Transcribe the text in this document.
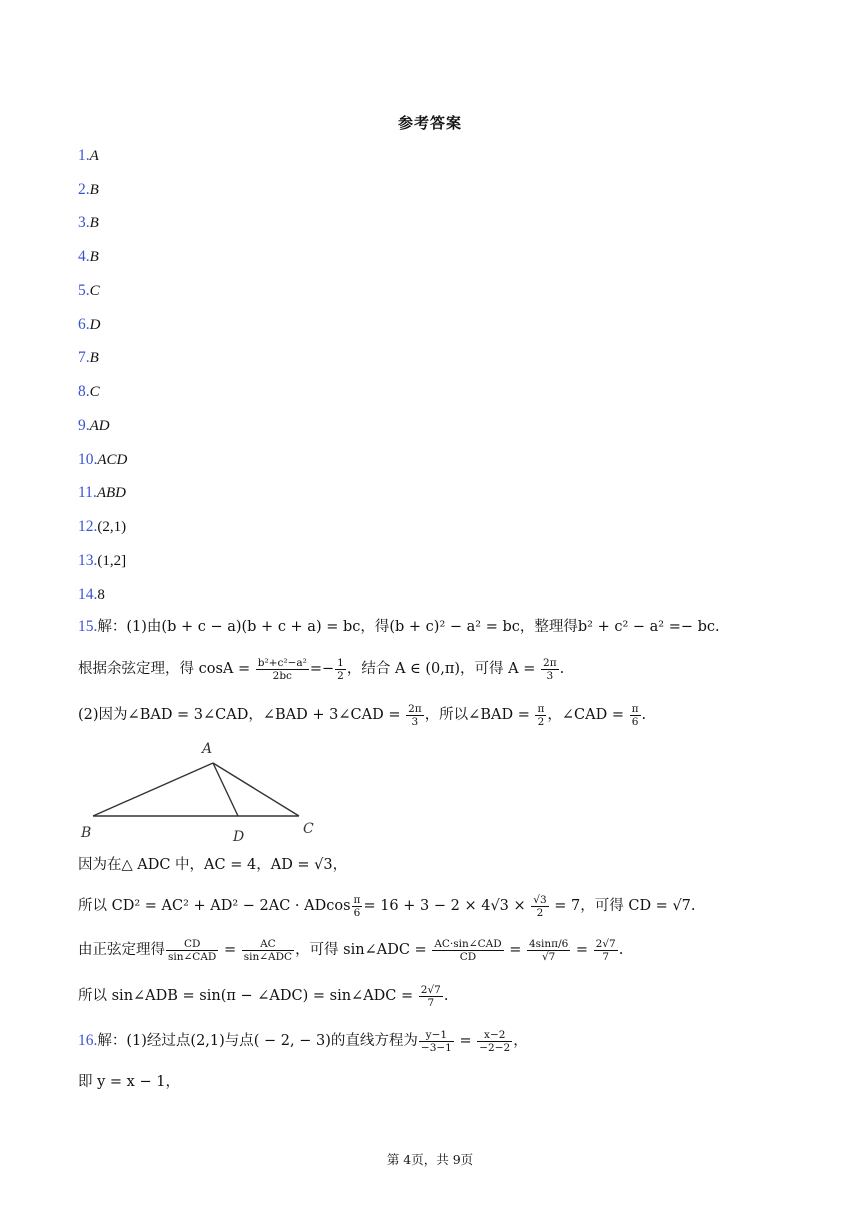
参考答案
1.A
2.B
3.B
4.B
5.C
6.D
7.B
8.C
9.AD
10.ACD
11.ABD
12.(2,1)
13.(1,2]
14.8
15.解：(1)由(b + c − a)(b + c + a) = bc，得(b + c)² − a² = bc，整理得b² + c² − a² =− bc.
根据余弦定理，得 $\cos A = \frac{\text{b²+c²−a²}}{2bc} =- \frac{1}{2}$ ，结合 A ∈ (0,π)，可得 $A = \frac{2\pi}{3}$ .
(2)因为∠BAD = 3∠CAD，∠BAD + 3∠CAD = $\frac{2\pi}{3}$ ，所以∠BAD = $\frac{\pi}{2}$ ，∠CAD = $\frac{\pi}{6}$ .
A
B	D	C
因为在△ ADC 中，AC = 4，AD = √3，
所以 CD² = AC² + AD² − 2AC · ADcos $\frac{\pi}{6} = 16 + 3 - 2 \times 4√3 \times \frac{√3}{2} = 7$，可得 CD = √7.
由正弦定理得 $\frac{CD}{\text{sin∠CAD}} = \frac{AC}{\text{sin∠ADC}}$ ，可得 sin∠ADC = $\frac{\text{AC·sin∠CAD}}{CD} = \frac{4\sin\pi/6}{√7} = \frac{2√7}{7}$ .
所以 sin∠ADB = sin(π − ∠ADC) = sin∠ADC = $\frac{2√7}{7}$ .
16.解：(1)经过点(2,1)与点( − 2, − 3)的直线方程为 $\frac{y-1}{-3-1} = \frac{x-2}{-2-2}$ ，
即 y = x − 1，
第 4页，共 9页
